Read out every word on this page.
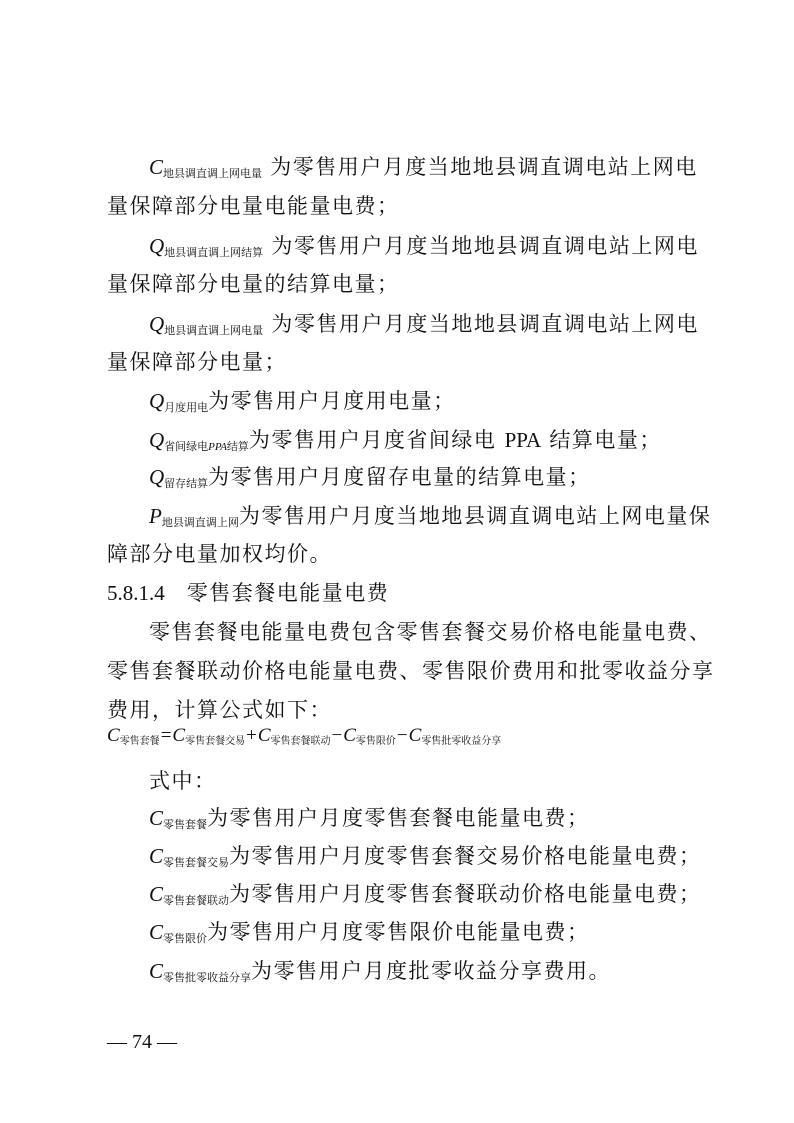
$C_{地县调直调上网电量}$ 为零售用户月度当地地县调直调电站上网电
量保障部分电量电能量电费；
$Q_{地县调直调上网结算}$ 为零售用户月度当地地县调直调电站上网电
量保障部分电量的结算电量；
$Q_{地县调直调上网电量}$ 为零售用户月度当地地县调直调电站上网电
量保障部分电量；
$Q_{月度用电}$为零售用户月度用电量；
$Q_{省间绿电PPA结算}$为零售用户月度省间绿电 PPA 结算电量；
$Q_{留存结算}$为零售用户月度留存电量的结算电量；
$P_{地县调直调上网}$为零售用户月度当地地县调直调电站上网电量保
障部分电量加权均价。
5.8.1.4 零售套餐电能量电费
零售套餐电能量电费包含零售套餐交易价格电能量电费、
零售套餐联动价格电能量电费、零售限价费用和批零收益分享
费用，计算公式如下：
$C_{零售套餐}=C_{零售套餐交易}+C_{零售套餐联动}-C_{零售限价}-C_{零售批零收益分享}$
式中：
$C_{零售套餐}$为零售用户月度零售套餐电能量电费；
$C_{零售套餐交易}$为零售用户月度零售套餐交易价格电能量电费；
$C_{零售套餐联动}$为零售用户月度零售套餐联动价格电能量电费；
$C_{零售限价}$为零售用户月度零售限价电能量电费；
$C_{零售批零收益分享}$为零售用户月度批零收益分享费用。
— 74 —
